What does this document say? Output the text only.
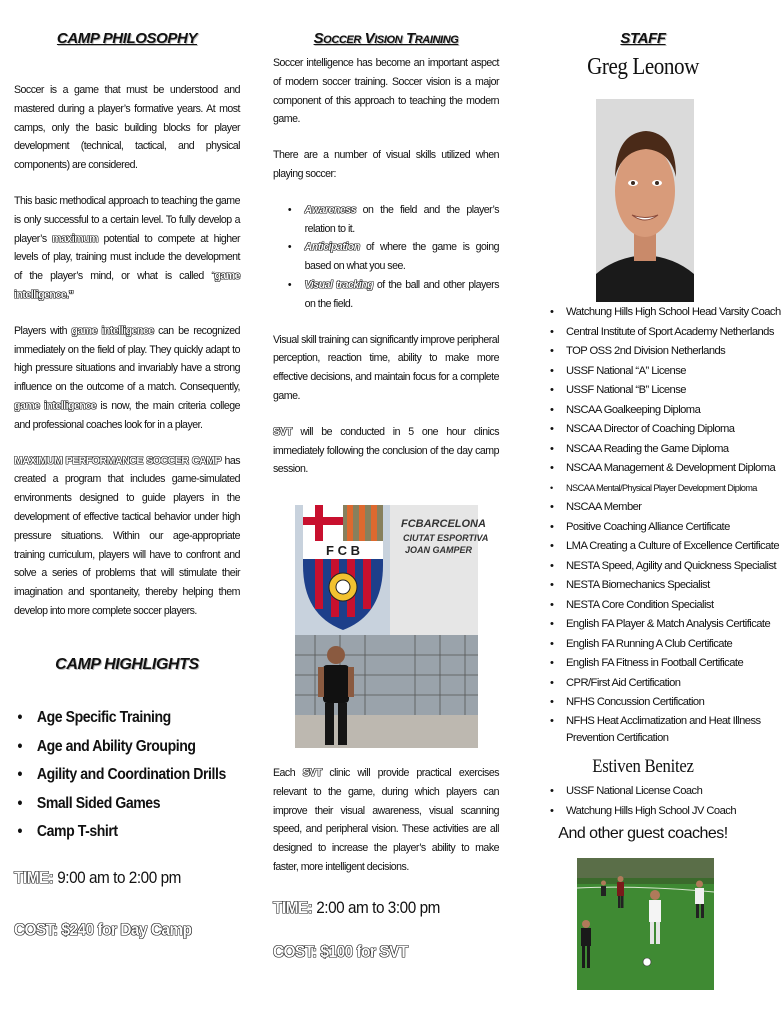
CAMP PHILOSOPHY

Soccer is a game that must be understood and mastered during a player’s formative years. At most camps, only the basic building blocks for player development (technical, tactical, and physical components) are considered.

This basic methodical approach to teaching the game is only successful to a certain level. To fully develop a player’s maximum potential to compete at higher levels of play, training must include the development of the player’s mind, or what is called “game intelligence.”

Players with game intelligence can be recognized immediately on the field of play. They quickly adapt to high pressure situations and invariably have a strong influence on the outcome of a match. Consequently, game intelligence is now, the main criteria college and professional coaches look for in a player.

MAXIMUM PERFORMANCE SOCCER CAMP has created a program that includes game-simulated environments designed to guide players in the development of effective tactical behavior under high pressure situations. Within our age-appropriate training curriculum, players will have to confront and solve a series of problems that will stimulate their imagination and spontaneity, thereby helping them develop into more complete soccer players.

CAMP HIGHLIGHTS
• Age Specific Training
• Age and Ability Grouping
• Agility and Coordination Drills
• Small Sided Games
• Camp T-shirt
TIME: 9:00 am to 2:00 pm
COST: $240 for Day Camp
Soccer Vision Training

Soccer intelligence has become an important aspect of modern soccer training. Soccer vision is a major component of this approach to teaching the modern game.

There are a number of visual skills utilized when playing soccer:

• Awareness on the field and the player’s relation to it.
• Anticipation of where the game is going based on what you see.
• Visual tracking of the ball and other players on the field.

Visual skill training can significantly improve peripheral perception, reaction time, ability to make more effective decisions, and maintain focus for a complete game.

SVT will be conducted in 5 one hour clinics immediately following the conclusion of the day camp session.

F C B
FCBARCELONA
CIUTAT ESPORTIVA
JOAN GAMPER
Each SVT clinic will provide practical exercises relevant to the game, during which players can improve their visual awareness, visual scanning speed, and peripheral vision. These activities are all designed to increase the player’s ability to make faster, more intelligent decisions.
TIME: 2:00 am to 3:00 pm
COST: $100 for SVT
STAFF
Greg Leonow
• Watchung Hills High School Head Varsity Coach
• Central Institute of Sport Academy Netherlands
• TOP OSS 2nd Division Netherlands
• USSF National “A” License
• USSF National “B” License
• NSCAA Goalkeeping Diploma
• NSCAA Director of Coaching Diploma
• NSCAA Reading the Game Diploma
• NSCAA Management & Development Diploma
• NSCAA Mental/Physical Player Development Diploma
• NSCAA Member
• Positive Coaching Alliance Certificate
• LMA Creating a Culture of Excellence Certificate
• NESTA Speed, Agility and Quickness Specialist
• NESTA Biomechanics Specialist
• NESTA Core Condition Specialist
• English FA Player & Match Analysis Certificate
• English FA Running A Club Certificate
• English FA Fitness in Football Certificate
• CPR/First Aid Certification
• NFHS Concussion Certification
• NFHS Heat Acclimatization and Heat Illness Prevention Certification
Estiven Benitez
• USSF National License Coach
• Watchung Hills High School JV Coach
And other guest coaches!
